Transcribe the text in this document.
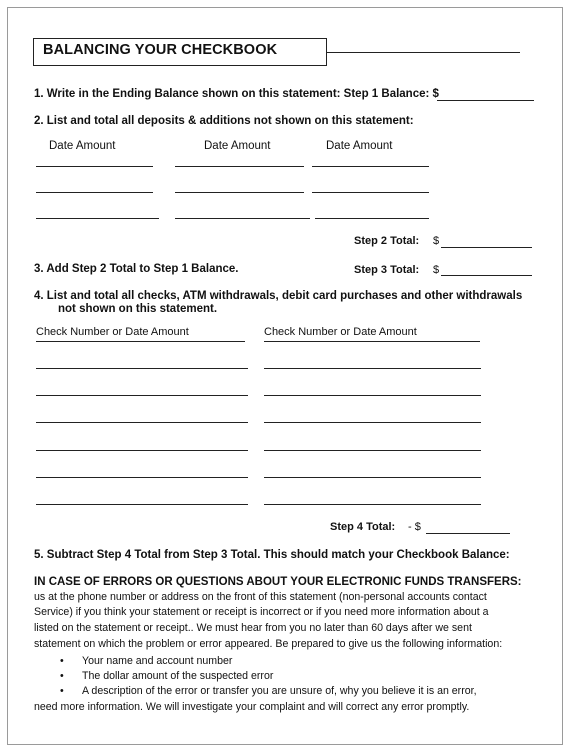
BALANCING YOUR CHECKBOOK
1. Write in the Ending Balance shown on this statement: Step 1 Balance: $
2. List and total all deposits & additions not shown on this statement:
Date Amount	Date Amount	Date Amount
Step 2 Total: $
3. Add Step 2 Total to Step 1 Balance.	Step 3 Total: $
4. List and total all checks, ATM withdrawals, debit card purchases and other withdrawals
not shown on this statement.
Check Number or Date Amount	Check Number or Date Amount
Step 4 Total: - $
5. Subtract Step 4 Total from Step 3 Total. This should match your Checkbook Balance:
IN CASE OF ERRORS OR QUESTIONS ABOUT YOUR ELECTRONIC FUNDS TRANSFERS:
us at the phone number or address on the front of this statement (non-personal accounts contact
Service) if you think your statement or receipt is incorrect or if you need more information about a
listed on the statement or receipt.. We must hear from you no later than 60 days after we sent
statement on which the problem or error appeared. Be prepared to give us the following information:
• Your name and account number
• The dollar amount of the suspected error
• A description of the error or transfer you are unsure of, why you believe it is an error,
need more information. We will investigate your complaint and will correct any error promptly.
